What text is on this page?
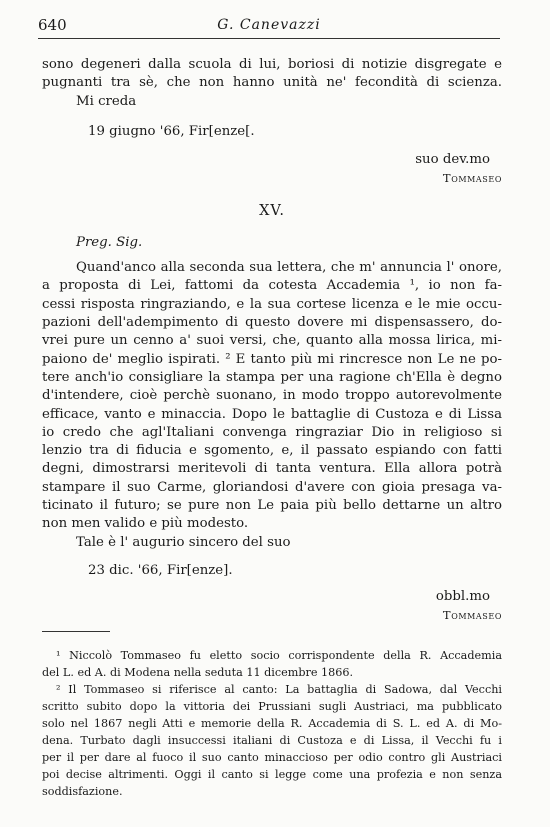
640	G. Canevazzi
sono degeneri dalla scuola di lui, boriosi di notizie disgregate e
pugnanti tra sè, che non hanno unità ne' fecondità di scienza.
Mi creda
19 giugno '66, Fir[enze[.
suo dev.mo
Tommaseo
XV.
Preg. Sig.
Quand'anco alla seconda sua lettera, che m' annuncia l' onore,
a proposta di Lei, fattomi da cotesta Accademia ¹, io non fa-
cessi risposta ringraziando, e la sua cortese licenza e le mie occu-
pazioni dell'adempimento di questo dovere mi dispensassero, do-
vrei pure un cenno a' suoi versi, che, quanto alla mossa lirica, mi-
paiono de' meglio ispirati. ² E tanto più mi rincresce non Le ne po-
tere anch'io consigliare la stampa per una ragione ch'Ella è degno
d'intendere, cioè perchè suonano, in modo troppo autorevolmente
efficace, vanto e minaccia. Dopo le battaglie di Custoza e di Lissa
io credo che agl'Italiani convenga ringraziar Dio in religioso si
lenzio tra di fiducia e sgomento, e, il passato espiando con fatti
degni, dimostrarsi meritevoli di tanta ventura. Ella allora potrà
stampare il suo Carme, gloriandosi d'avere con gioia presaga va-
ticinato il futuro; se pure non Le paia più bello dettarne un altro
non men valido e più modesto.
Tale è l' augurio sincero del suo
23 dic. '66, Fir[enze].
obbl.mo
Tommaseo
¹ Niccolò Tommaseo fu eletto socio corrispondente della R. Accademia
del L. ed A. di Modena nella seduta 11 dicembre 1866.
² Il Tommaseo si riferisce al canto: La battaglia di Sadowa, dal Vecchi
scritto subito dopo la vittoria dei Prussiani sugli Austriaci, ma pubblicato
solo nel 1867 negli Atti e memorie della R. Accademia di S. L. ed A. di Mo-
dena. Turbato dagli insuccessi italiani di Custoza e di Lissa, il Vecchi fu i
per il per dare al fuoco il suo canto minaccioso per odio contro gli Austriaci
poi decise altrimenti. Oggi il canto si legge come una profezia e non senza
soddisfazione.
